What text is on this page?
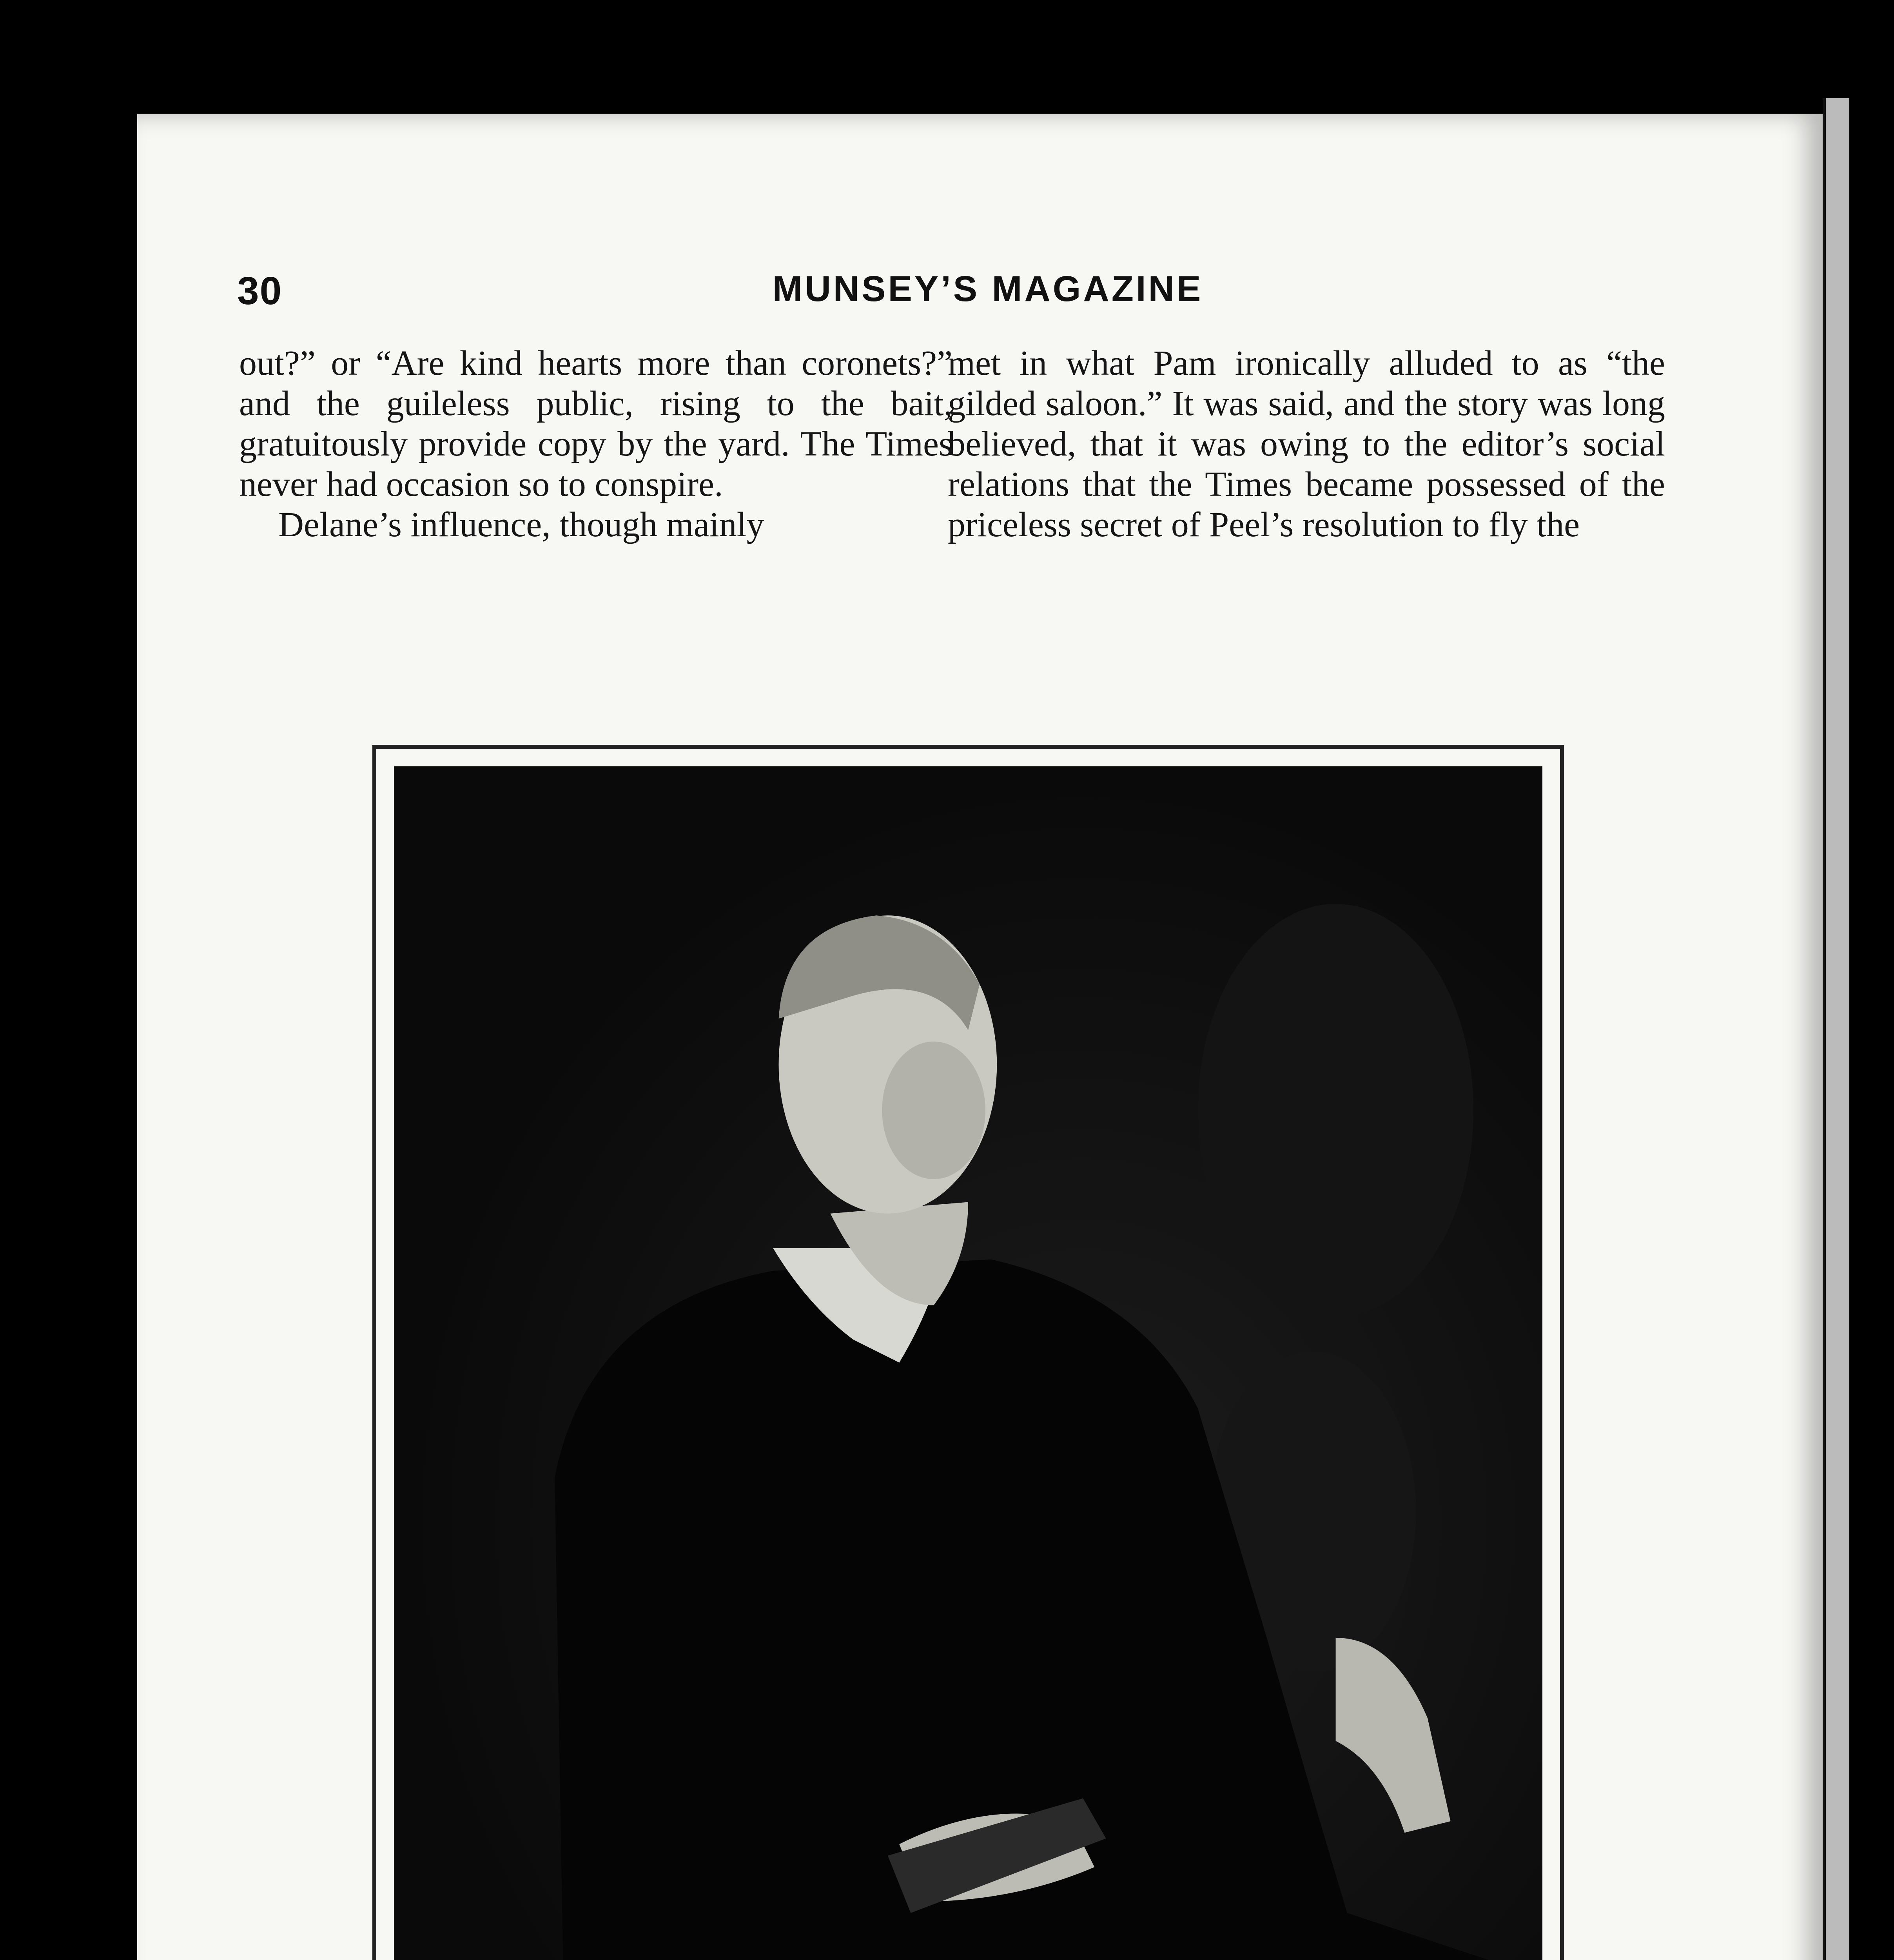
30	MUNSEY’S MAGAZINE

out?” or “Are kind hearts more than coronets?” and the guileless public, rising to the bait, gratuitously provide copy by the yard. The Times never had occasion so to conspire.

Delane’s influence, though mainly

met in what Pam ironically alluded to as “the gilded saloon.” It was said, and the story was long believed, that it was owing to the editor’s social relations that the Times became possessed of the priceless secret of Peel’s resolution to fly the
